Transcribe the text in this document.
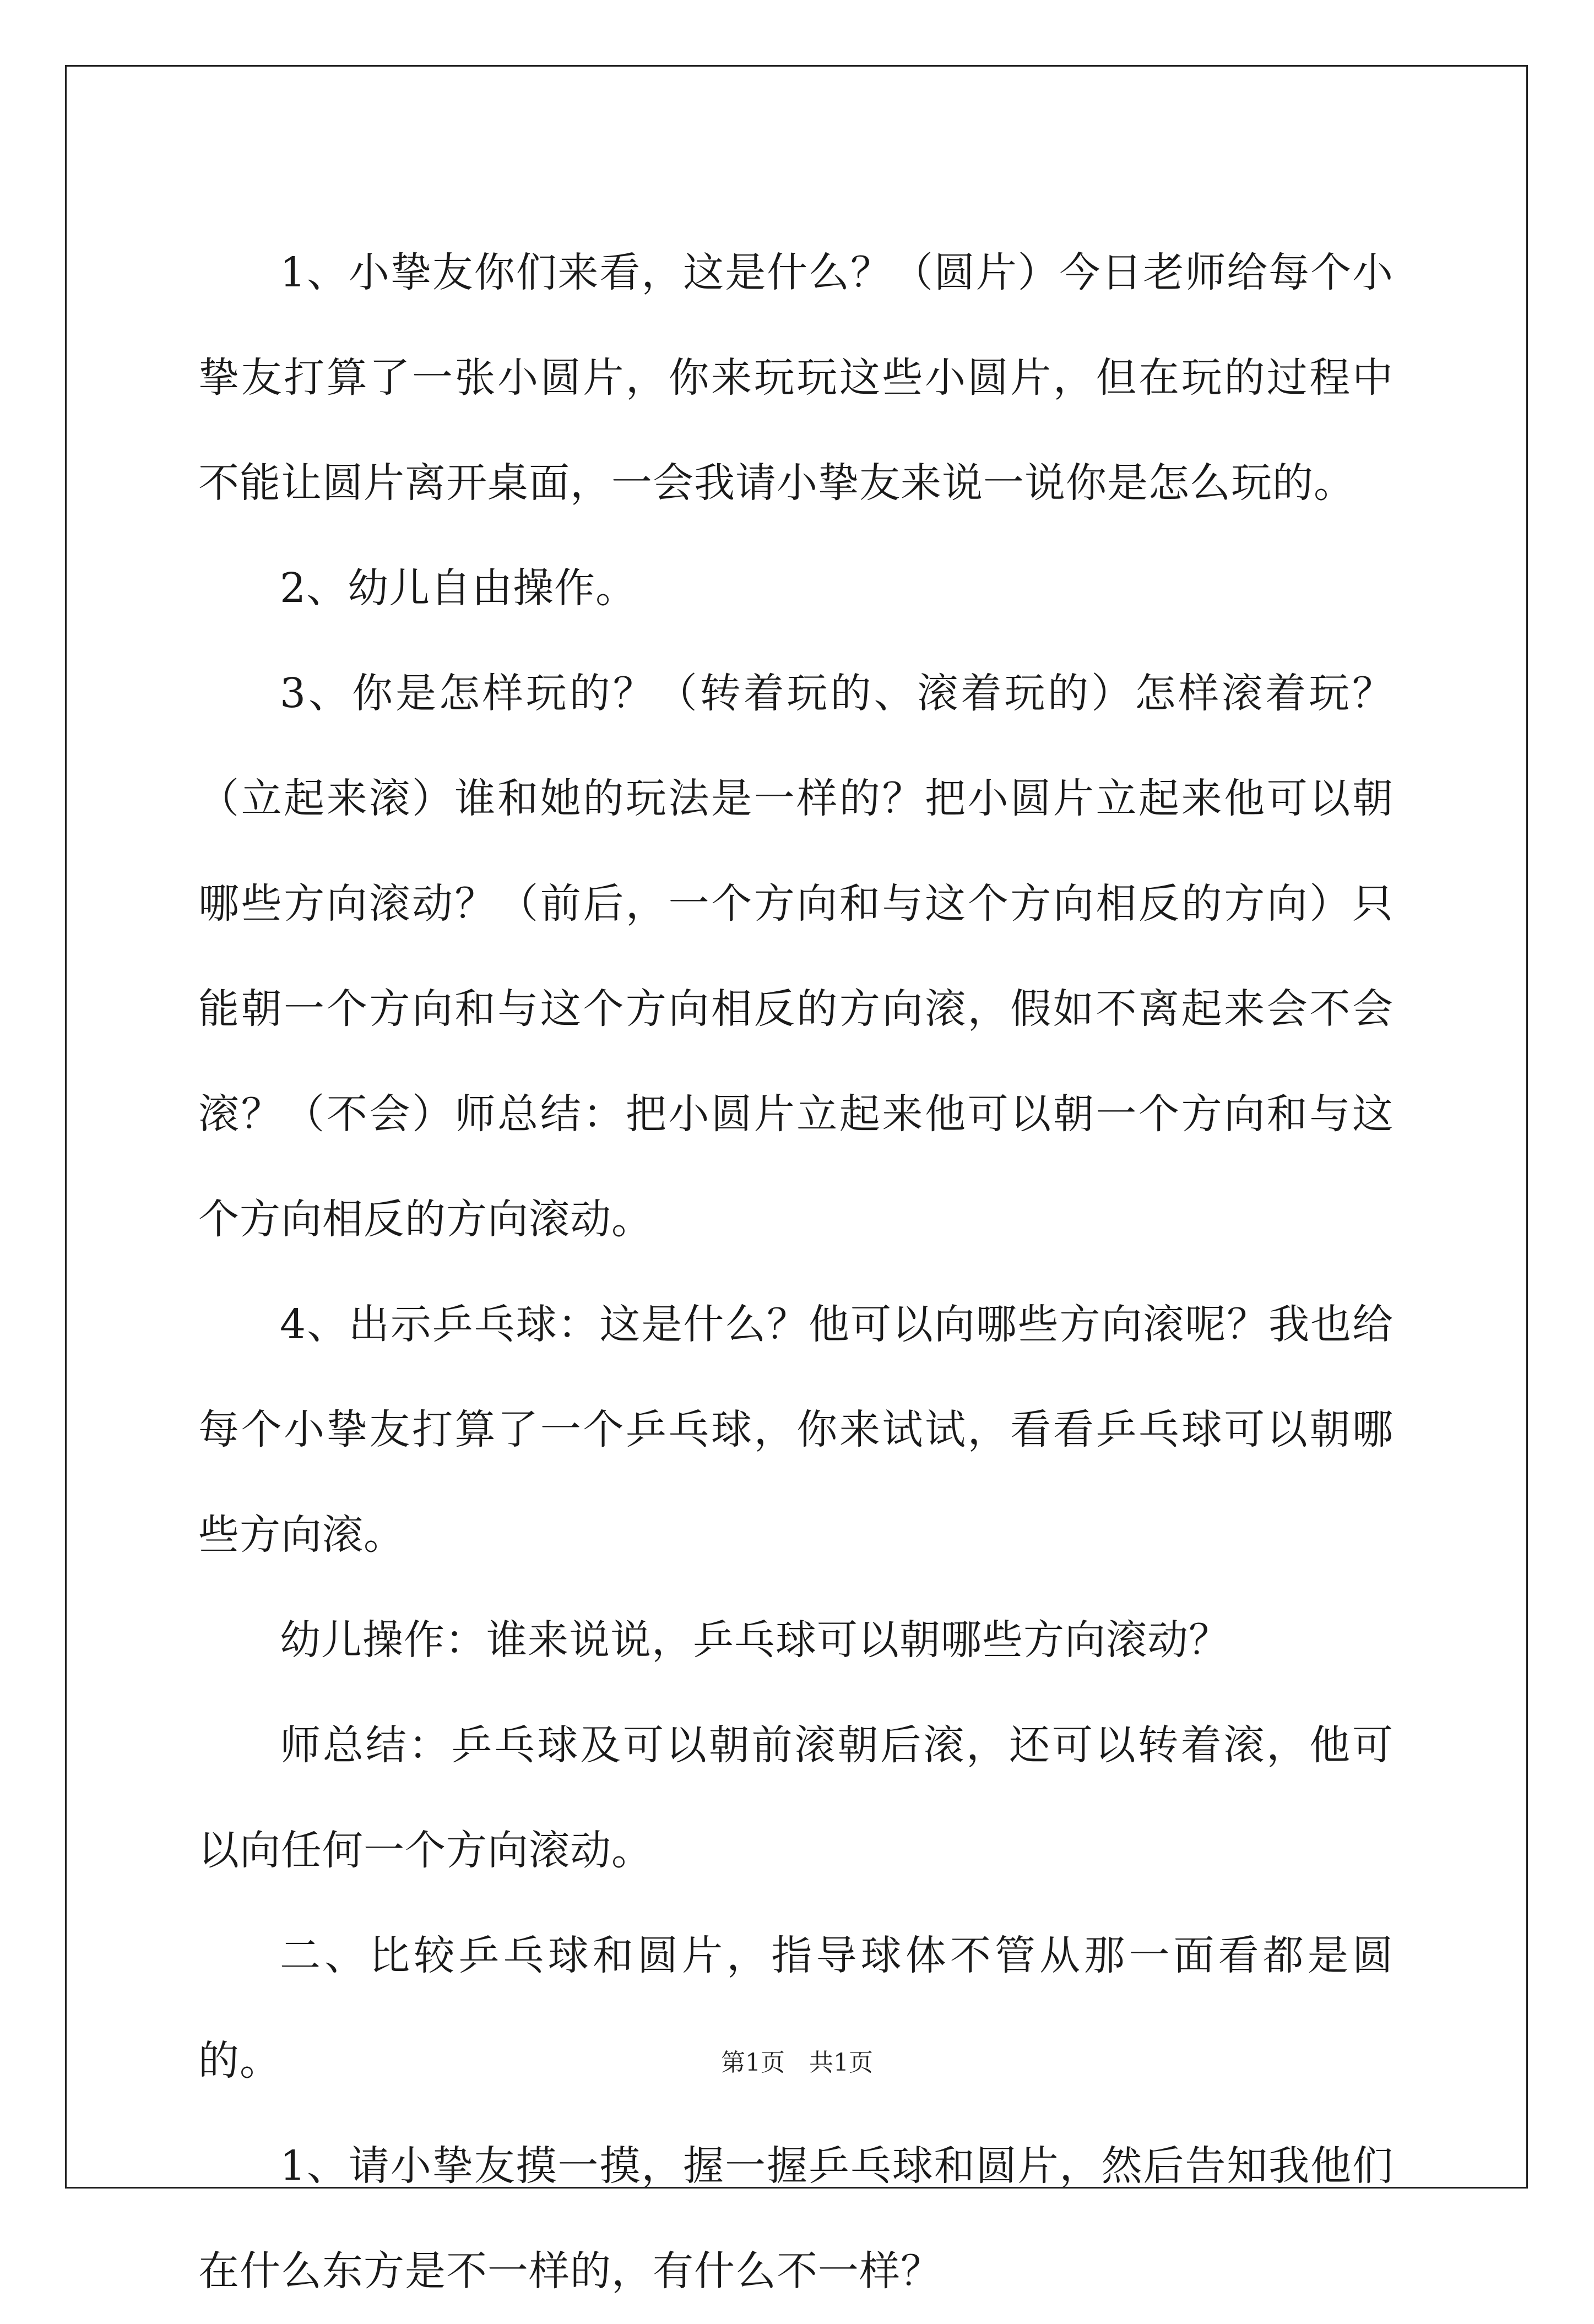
1、小挚友你们来看，这是什么？（圆片）今日老师给每个小挚友打算了一张小圆片，你来玩玩这些小圆片，但在玩的过程中不能让圆片离开桌面，一会我请小挚友来说一说你是怎么玩的。

2、幼儿自由操作。

3、你是怎样玩的？（转着玩的、滚着玩的）怎样滚着玩？（立起来滚）谁和她的玩法是一样的？把小圆片立起来他可以朝哪些方向滚动？（前后，一个方向和与这个方向相反的方向）只能朝一个方向和与这个方向相反的方向滚，假如不离起来会不会滚？（不会）师总结：把小圆片立起来他可以朝一个方向和与这个方向相反的方向滚动。

4、出示乒乓球：这是什么？他可以向哪些方向滚呢？我也给每个小挚友打算了一个乒乓球，你来试试，看看乒乓球可以朝哪些方向滚。

幼儿操作：谁来说说，乒乓球可以朝哪些方向滚动？

师总结：乒乓球及可以朝前滚朝后滚，还可以转着滚，他可以向任何一个方向滚动。

二、比较乒乓球和圆片，指导球体不管从那一面看都是圆的。

1、请小挚友摸一摸，握一握乒乓球和圆片，然后告知我他们在什么东方是不一样的，有什么不一样？

第1页　共1页
